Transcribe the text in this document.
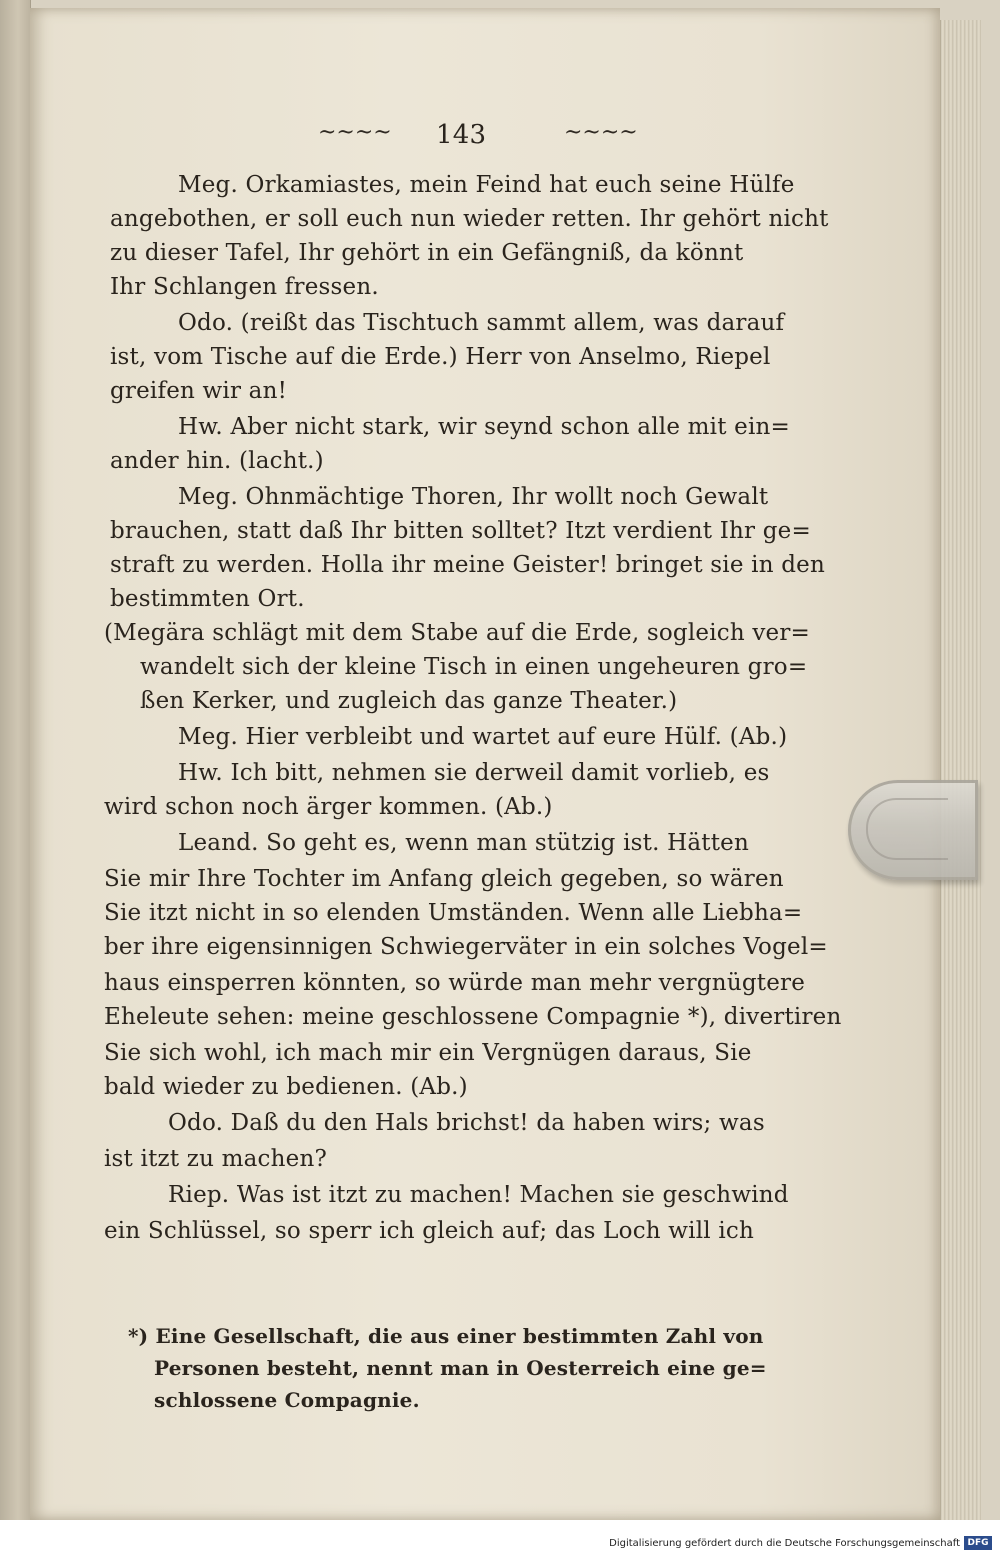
~~~~ 143	~~~~

Meg. Orkamiastes, mein Feind hat euch seine Hülfe

angebothen, er soll euch nun wieder retten. Ihr gehört nicht

zu dieser Tafel, Ihr gehört in ein Gefängniß, da könnt

Ihr Schlangen fressen.

Odo. (reißt das Tischtuch sammt allem, was darauf

ist, vom Tische auf die Erde.) Herr von Anselmo, Riepel

greifen wir an!

Hw. Aber nicht stark, wir seynd schon alle mit ein=

ander hin. (lacht.)

Meg. Ohnmächtige Thoren, Ihr wollt noch Gewalt

brauchen, statt daß Ihr bitten solltet? Itzt verdient Ihr ge=

straft zu werden. Holla ihr meine Geister! bringet sie in den

bestimmten Ort.

(Megära schlägt mit dem Stabe auf die Erde, sogleich ver=

wandelt sich der kleine Tisch in einen ungeheuren gro=

ßen Kerker, und zugleich das ganze Theater.)

Meg. Hier verbleibt und wartet auf eure Hülf. (Ab.)

Hw. Ich bitt, nehmen sie derweil damit vorlieb, es

wird schon noch ärger kommen. (Ab.)

Leand. So geht es, wenn man stützig ist. Hätten

Sie mir Ihre Tochter im Anfang gleich gegeben, so wären

Sie itzt nicht in so elenden Umständen. Wenn alle Liebha=

ber ihre eigensinnigen Schwiegerväter in ein solches Vogel=

haus einsperren könnten, so würde man mehr vergnügtere

Eheleute sehen: meine geschlossene Compagnie *), divertiren

Sie sich wohl, ich mach mir ein Vergnügen daraus, Sie

bald wieder zu bedienen. (Ab.)

Odo. Daß du den Hals brichst! da haben wirs; was

ist itzt zu machen?

Riep. Was ist itzt zu machen! Machen sie geschwind

ein Schlüssel, so sperr ich gleich auf; das Loch will ich

*) Eine Gesellschaft, die aus einer bestimmten Zahl von

Personen besteht, nennt man in Oesterreich eine ge=

schlossene Compagnie.

Digitalisierung gefördert durch die Deutsche Forschungsgemeinschaft DFG
